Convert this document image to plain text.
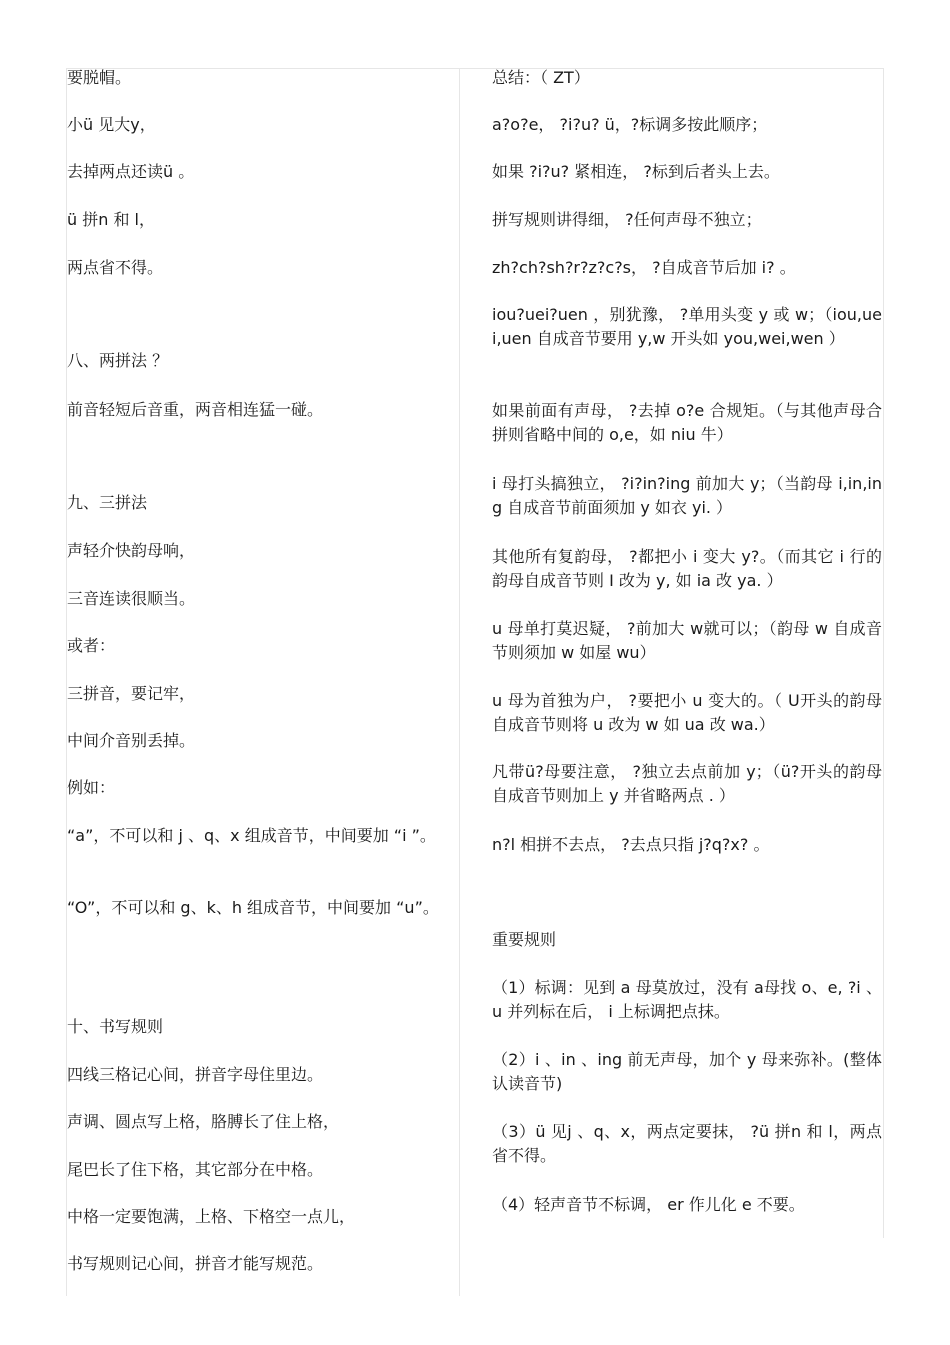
要脱帽。

小ü 见大y，

去掉两点还读ü 。

ü 拼n 和 l，

两点省不得。

八、两拼法 ？

前音轻短后音重，两音相连猛一碰。

九、三拼法

声轻介快韵母响，

三音连读很顺当。

或者：

三拼音，要记牢，

中间介音别丢掉。

例如：

“a”，不可以和 j 、q、x 组成音节，中间要加 “i ”。

“O”，不可以和 g、k、h 组成音节，中间要加 “u”。

十、书写规则

四线三格记心间，拼音字母住里边。

声调、圆点写上格，胳膊长了住上格，

尾巴长了住下格，其它部分在中格。

中格一定要饱满，上格、下格空一点儿，

书写规则记心间，拼音才能写规范。

总结：（ ZT）

a?o?e， ?i?u? ü，?标调多按此顺序；

如果 ?i?u? 紧相连， ?标到后者头上去。

拼写规则讲得细， ?任何声母不独立；

zh?ch?sh?r?z?c?s， ?自成音节后加 i? 。

iou?uei?uen ，别犹豫， ?单用头变 y 或 w；（iou,uei,uen 自成音节要用 y,w 开头如 you,wei,wen ）

如果前面有声母， ?去掉 o?e 合规矩。（与其他声母合拼则省略中间的 o,e，如 niu 牛）

i 母打头搞独立， ?i?in?ing 前加大 y；（当韵母 i,in,ing 自成音节前面须加 y 如衣 yi. ）

其他所有复韵母， ?都把小 i 变大 y?。（而其它 i 行的韵母自成音节则 I 改为 y, 如 ia 改 ya. ）

u 母单打莫迟疑， ?前加大 w就可以；（韵母 w 自成音节则须加 w 如屋 wu）

u 母为首独为户， ?要把小 u 变大的。（ U开头的韵母自成音节则将 u 改为 w 如 ua 改 wa.）

凡带ü?母要注意， ?独立去点前加 y；（ü?开头的韵母自成音节则加上 y 并省略两点 . ）

n?l 相拼不去点， ?去点只指 j?q?x? 。

重要规则

（1）标调：见到 a 母莫放过，没有 a母找 o、e, ?i 、u 并列标在后， i 上标调把点抹。

（2）i 、in 、ing 前无声母，加个 y 母来弥补。(整体认读音节)

（3）ü 见j 、q、x，两点定要抹， ?ü 拼n 和 l，两点省不得。

（4）轻声音节不标调， er 作儿化 e 不要。
